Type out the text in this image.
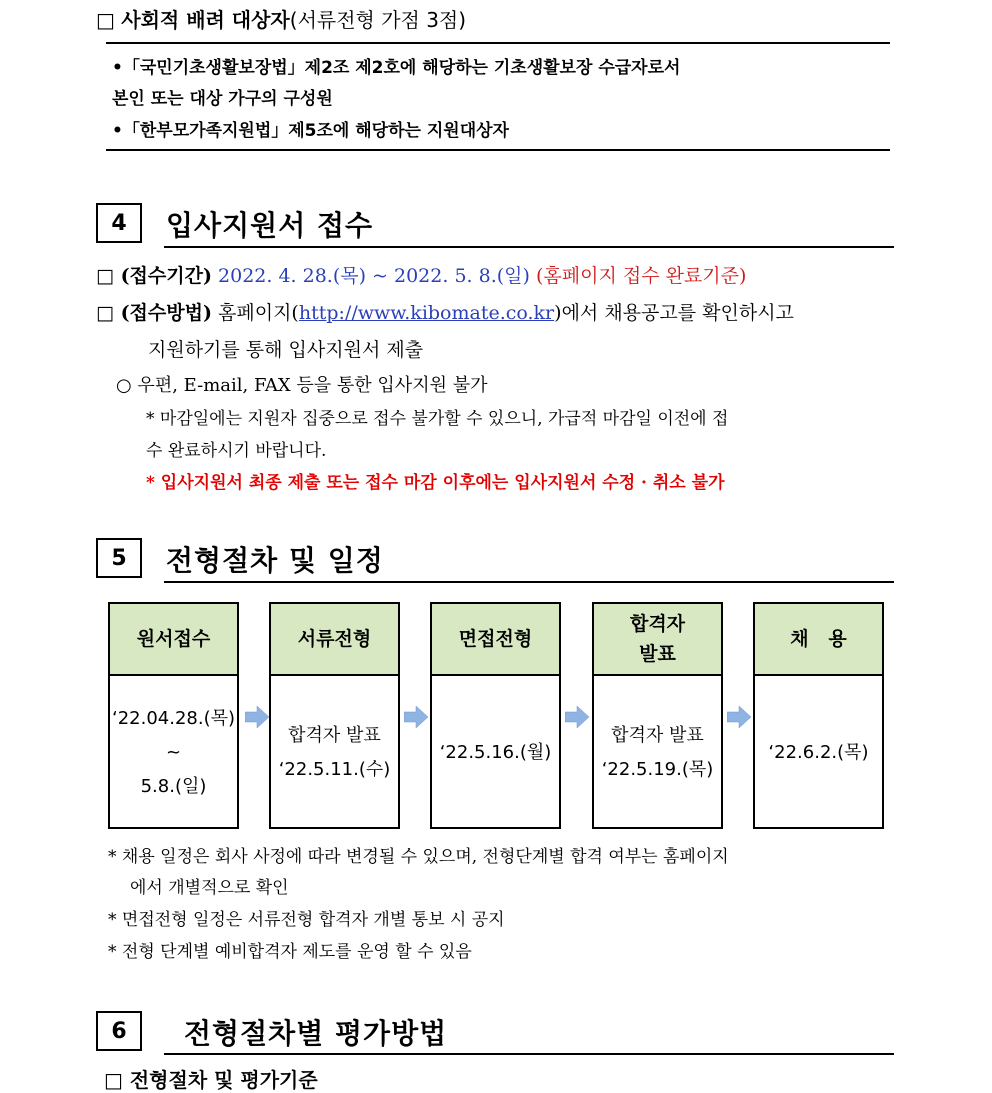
□ 사회적 배려 대상자(서류전형 가점 3점)
•「국민기초생활보장법」제2조 제2호에 해당하는 기초생활보장 수급자로서
본인 또는 대상 가구의 구성원
•「한부모가족지원법」제5조에 해당하는 지원대상자
4 입사지원서 접수
□ (접수기간) 2022. 4. 28.(목) ~ 2022. 5. 8.(일) (홈페이지 접수 완료기준)
□ (접수방법) 홈페이지(http://www.kibomate.co.kr)에서 채용공고를 확인하시고
지원하기를 통해 입사지원서 제출
○ 우편, E-mail, FAX 등을 통한 입사지원 불가
* 마감일에는 지원자 집중으로 접수 불가할 수 있으니, 가급적 마감일 이전에 접
수 완료하시기 바랍니다.
* 입사지원서 최종 제출 또는 접수 마감 이후에는 입사지원서 수정 · 취소 불가
5 전형절차 및 일정
원서접수
‘22.04.28.(목)
~
5.8.(일)
서류전형
합격자 발표
‘22.5.11.(수)
면접전형
‘22.5.16.(월)
합격자
발표
합격자 발표
‘22.5.19.(목)
채   용
‘22.6.2.(목)
* 채용 일정은 회사 사정에 따라 변경될 수 있으며, 전형단계별 합격 여부는 홈페이지
에서 개별적으로 확인
* 면접전형 일정은 서류전형 합격자 개별 통보 시 공지
* 전형 단계별 예비합격자 제도를 운영 할 수 있음
6 전형절차별 평가방법
□ 전형절차 및 평가기준
